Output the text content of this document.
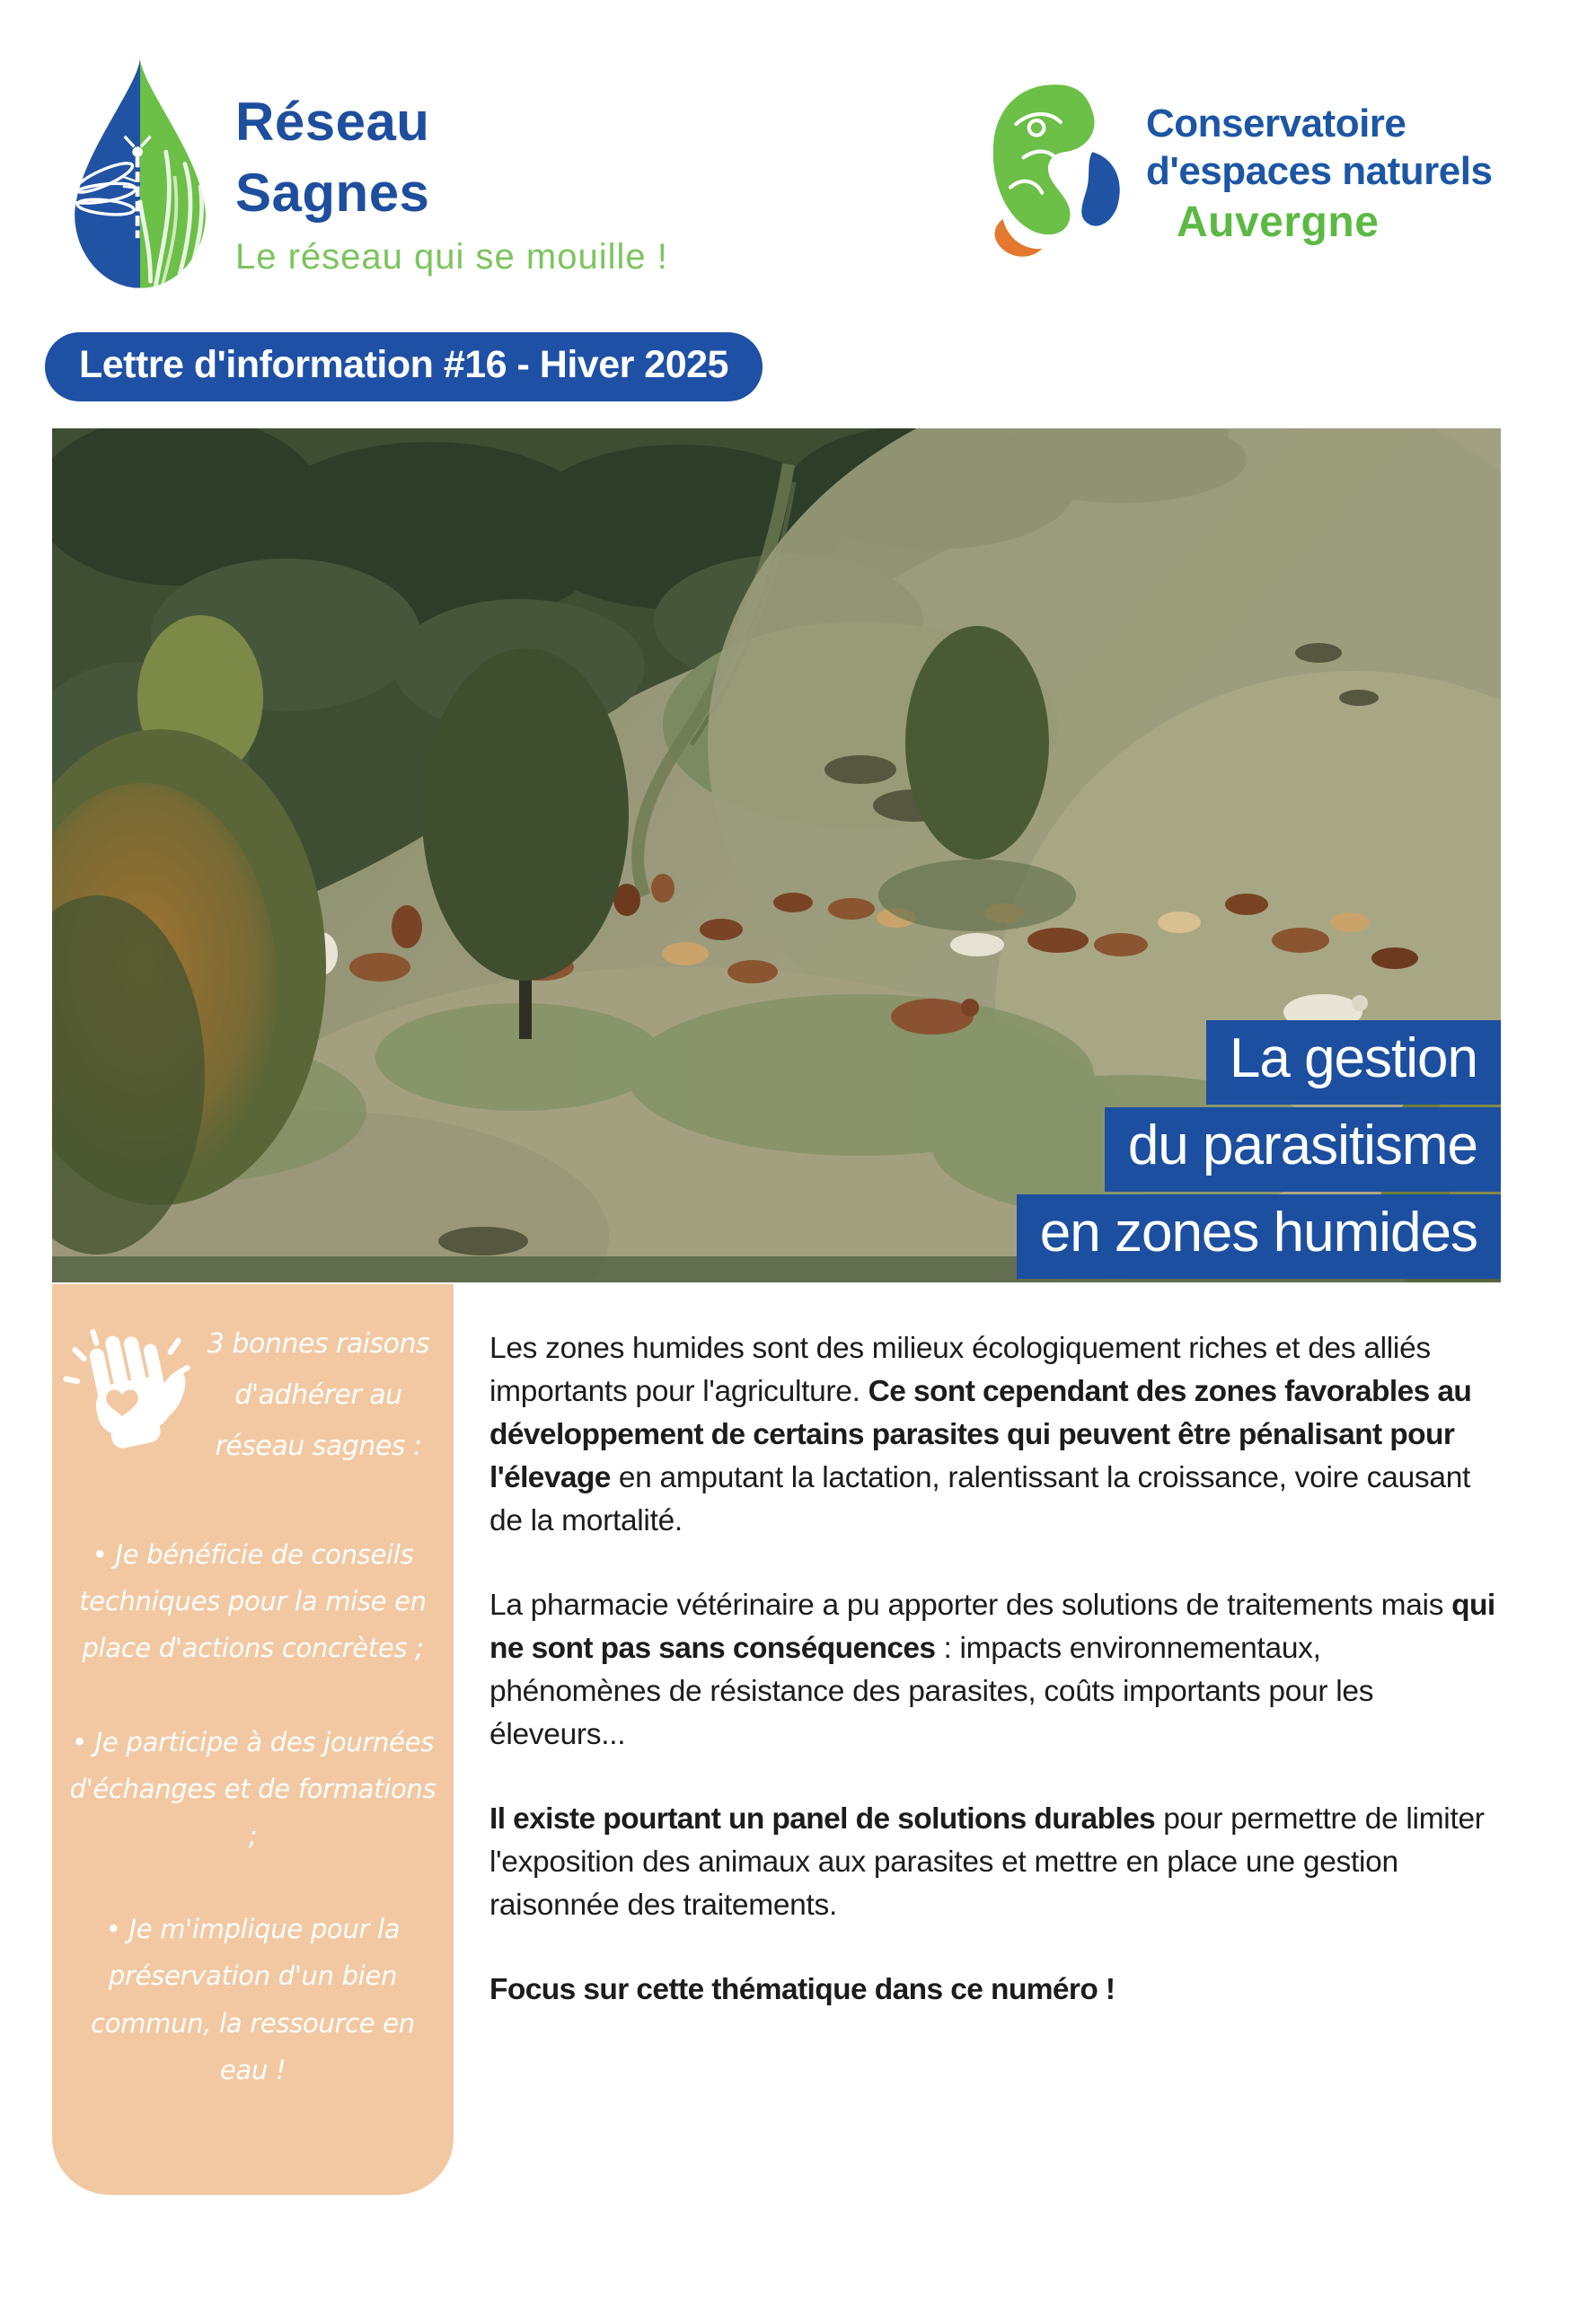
Réseau
Sagnes
Le réseau qui se mouille !
Conservatoire
d'espaces naturels
Auvergne
Lettre d'information #16 - Hiver 2025
La gestion
du parasitisme
en zones humides
3 bonnes raisons d'adhérer au réseau sagnes :

• Je bénéficie de conseils techniques pour la mise en place d'actions concrètes ;

• Je participe à des journées d'échanges et de formations ;

• Je m'implique pour la préservation d'un bien commun, la ressource en eau !

Les zones humides sont des milieux écologiquement riches et des alliés importants pour l'agriculture. Ce sont cependant des zones favorables au développement de certains parasites qui peuvent être pénalisant pour l'élevage en amputant la lactation, ralentissant la croissance, voire causant de la mortalité.

La pharmacie vétérinaire a pu apporter des solutions de traitements mais qui ne sont pas sans conséquences : impacts environnementaux, phénomènes de résistance des parasites, coûts importants pour les éleveurs...

Il existe pourtant un panel de solutions durables pour permettre de limiter l'exposition des animaux aux parasites et mettre en place une gestion raisonnée des traitements.

Focus sur cette thématique dans ce numéro !
